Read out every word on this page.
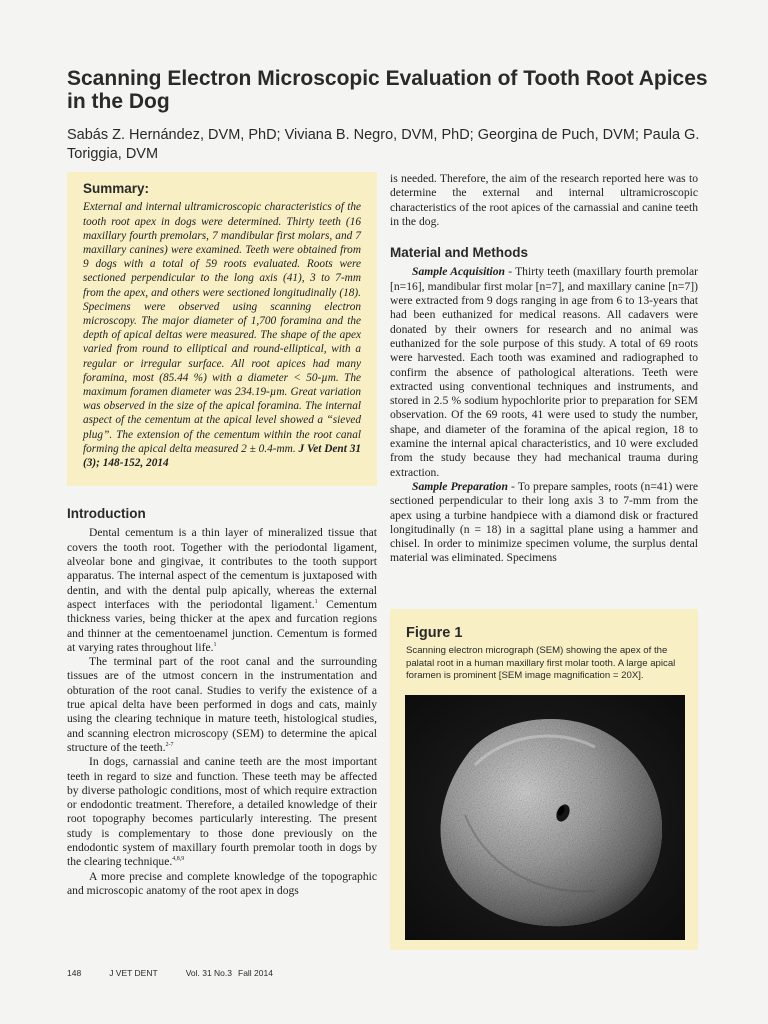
Scanning Electron Microscopic Evaluation of Tooth Root Apices in the Dog

Sabás Z. Hernández, DVM, PhD; Viviana B. Negro, DVM, PhD; Georgina de Puch, DVM; Paula G. Toriggia, DVM

Summary:

External and internal ultramicroscopic characteristics of the tooth root apex in dogs were determined. Thirty teeth (16 maxillary fourth premolars, 7 mandibular first molars, and 7 maxillary canines) were examined. Teeth were obtained from 9 dogs with a total of 59 roots evaluated. Roots were sectioned perpendicular to the long axis (41), 3 to 7-mm from the apex, and others were sectioned longitudinally (18). Specimens were observed using scanning electron microscopy. The major diameter of 1,700 foramina and the depth of apical deltas were measured. The shape of the apex varied from round to elliptical and round-elliptical, with a regular or irregular surface. All root apices had many foramina, most (85.44 %) with a diameter < 50-µm. The maximum foramen diameter was 234.19-µm. Great variation was observed in the size of the apical foramina. The internal aspect of the cementum at the apical level showed a “sieved plug”. The extension of the cementum within the root canal forming the apical delta measured 2 ± 0.4-mm. J Vet Dent 31 (3); 148-152, 2014

Introduction

Dental cementum is a thin layer of mineralized tissue that covers the tooth root. Together with the periodontal ligament, alveolar bone and gingivae, it contributes to the tooth support apparatus. The internal aspect of the cementum is juxtaposed with dentin, and with the dental pulp apically, whereas the external aspect interfaces with the periodontal ligament.$^1$ Cementum thickness varies, being thicker at the apex and furcation regions and thinner at the cementoenamel junction. Cementum is formed at varying rates throughout life.$^1$

The terminal part of the root canal and the surrounding tissues are of the utmost concern in the instrumentation and obturation of the root canal. Studies to verify the existence of a true apical delta have been performed in dogs and cats, mainly using the clearing technique in mature teeth, histological studies, and scanning electron microscopy (SEM) to determine the apical structure of the teeth.$^{2-7}$

In dogs, carnassial and canine teeth are the most important teeth in regard to size and function. These teeth may be affected by diverse pathologic conditions, most of which require extraction or endodontic treatment. Therefore, a detailed knowledge of their root topography becomes particularly interesting. The present study is complementary to those done previously on the endodontic system of maxillary fourth premolar tooth in dogs by the clearing technique.$^{4,8,9}$

A more precise and complete knowledge of the topographic and microscopic anatomy of the root apex in dogs

is needed. Therefore, the aim of the research reported here was to determine the external and internal ultramicroscopic characteristics of the root apices of the carnassial and canine teeth in the dog.

Material and Methods

Sample Acquisition - Thirty teeth (maxillary fourth premolar [n=16], mandibular first molar [n=7], and maxillary canine [n=7]) were extracted from 9 dogs ranging in age from 6 to 13-years that had been euthanized for medical reasons. All cadavers were donated by their owners for research and no animal was euthanized for the sole purpose of this study. A total of 69 roots were harvested. Each tooth was examined and radiographed to confirm the absence of pathological alterations. Teeth were extracted using conventional techniques and instruments, and stored in 2.5 % sodium hypochlorite prior to preparation for SEM observation. Of the 69 roots, 41 were used to study the number, shape, and diameter of the foramina of the apical region, 18 to examine the internal apical characteristics, and 10 were excluded from the study because they had mechanical trauma during extraction.

Sample Preparation - To prepare samples, roots (n=41) were sectioned perpendicular to their long axis 3 to 7-mm from the apex using a turbine handpiece with a diamond disk or fractured longitudinally (n = 18) in a sagittal plane using a hammer and chisel. In order to minimize specimen volume, the surplus dental material was eliminated. Specimens

Figure 1

Scanning electron micrograph (SEM) showing the apex of the palatal root in a human maxillary first molar tooth. A large apical foramen is prominent [SEM image magnification = 20X].

148	J VET DENT	Vol. 31 No.3 Fall 2014
